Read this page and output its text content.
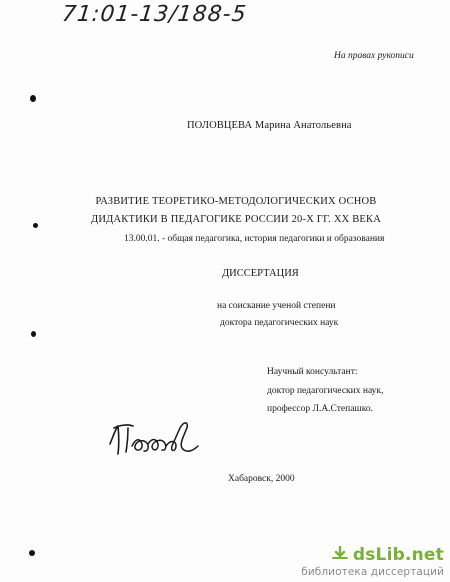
71:01-13/188-5
На правах рукописи
ПОЛОВЦЕВА Марина Анатольевна
РАЗВИТИЕ ТЕОРЕТИКО-МЕТОДОЛОГИЧЕСКИХ ОСНОВ
ДИДАКТИКИ В ПЕДАГОГИКЕ РОССИИ 20-Х ГГ. XX ВЕКА
13.00.01. - общая педагогика, история педагогики и образования
ДИССЕРТАЦИЯ
на соискание ученой степени
доктора педагогических наук
Научный консультант:
доктор педагогических наук,
профессор Л.А.Степашко.
Хабаровск, 2000
dsLib.net
библиотека диссертаций
